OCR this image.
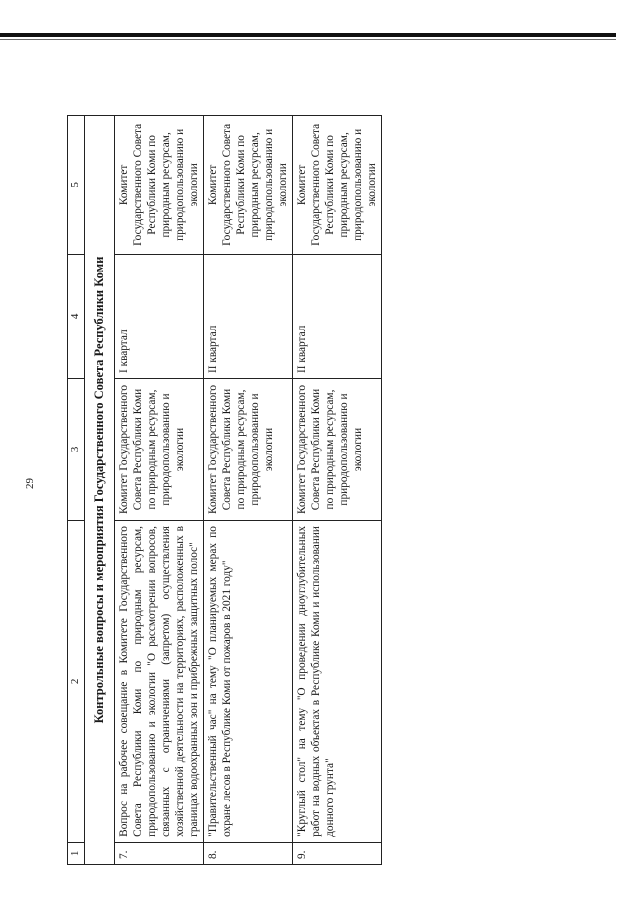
29
1	2	3	4	5
Контрольные вопросы и мероприятия Государственного Совета Республики Коми				
7.	Вопрос на рабочее совещание в Комитете Государственного Совета Республики Коми по природным ресурсам, природопользованию и экологии "О рассмотрении вопросов, связанных с ограничениями (запретом) осуществления хозяйственной деятельности на территориях, расположенных в границах водоохранных зон и прибрежных защитных полос"	Комитет Государственного Совета Республики Коми по природным ресурсам, природопользованию и экологии	I квартал	Комитет Государственного Совета Республики Коми по природным ресурсам, природопользованию и экологии
8.	"Правительственный час" на тему "О планируемых мерах по охране лесов в Республике Коми от пожаров в 2021 году"	Комитет Государственного Совета Республики Коми по природным ресурсам, природопользованию и экологии	II квартал	Комитет Государственного Совета Республики Коми по природным ресурсам, природопользованию и экологии
9.	"Круглый стол" на тему "О проведении дноуглубительных работ на водных объектах в Республике Коми и использовании донного грунта"	Комитет Государственного Совета Республики Коми по природным ресурсам, природопользованию и экологии	II квартал	Комитет Государственного Совета Республики Коми по природным ресурсам, природопользованию и экологии
